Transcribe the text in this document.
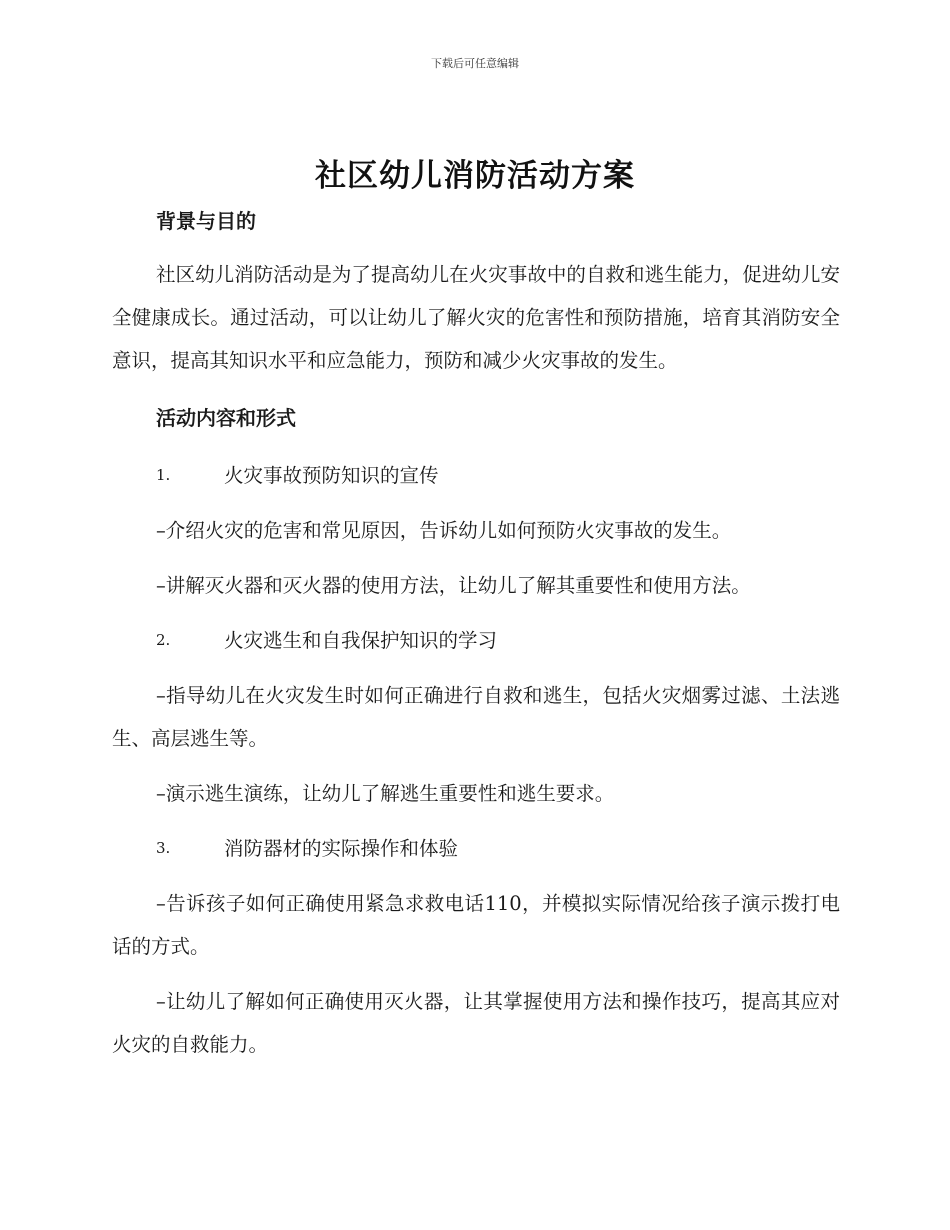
下载后可任意编辑
社区幼儿消防活动方案
背景与目的

社区幼儿消防活动是为了提高幼儿在火灾事故中的自救和逃生能力，促进幼儿安全健康成长。通过活动，可以让幼儿了解火灾的危害性和预防措施，培育其消防安全意识，提高其知识水平和应急能力，预防和减少火灾事故的发生。

活动内容和形式
1.	火灾事故预防知识的宣传

–介绍火灾的危害和常见原因，告诉幼儿如何预防火灾事故的发生。

–讲解灭火器和灭火器的使用方法，让幼儿了解其重要性和使用方法。

2.	火灾逃生和自我保护知识的学习

–指导幼儿在火灾发生时如何正确进行自救和逃生，包括火灾烟雾过滤、土法逃生、高层逃生等。

–演示逃生演练，让幼儿了解逃生重要性和逃生要求。

3.	消防器材的实际操作和体验

–告诉孩子如何正确使用紧急求救电话110，并模拟实际情况给孩子演示拨打电话的方式。

–让幼儿了解如何正确使用灭火器，让其掌握使用方法和操作技巧，提高其应对火灾的自救能力。
